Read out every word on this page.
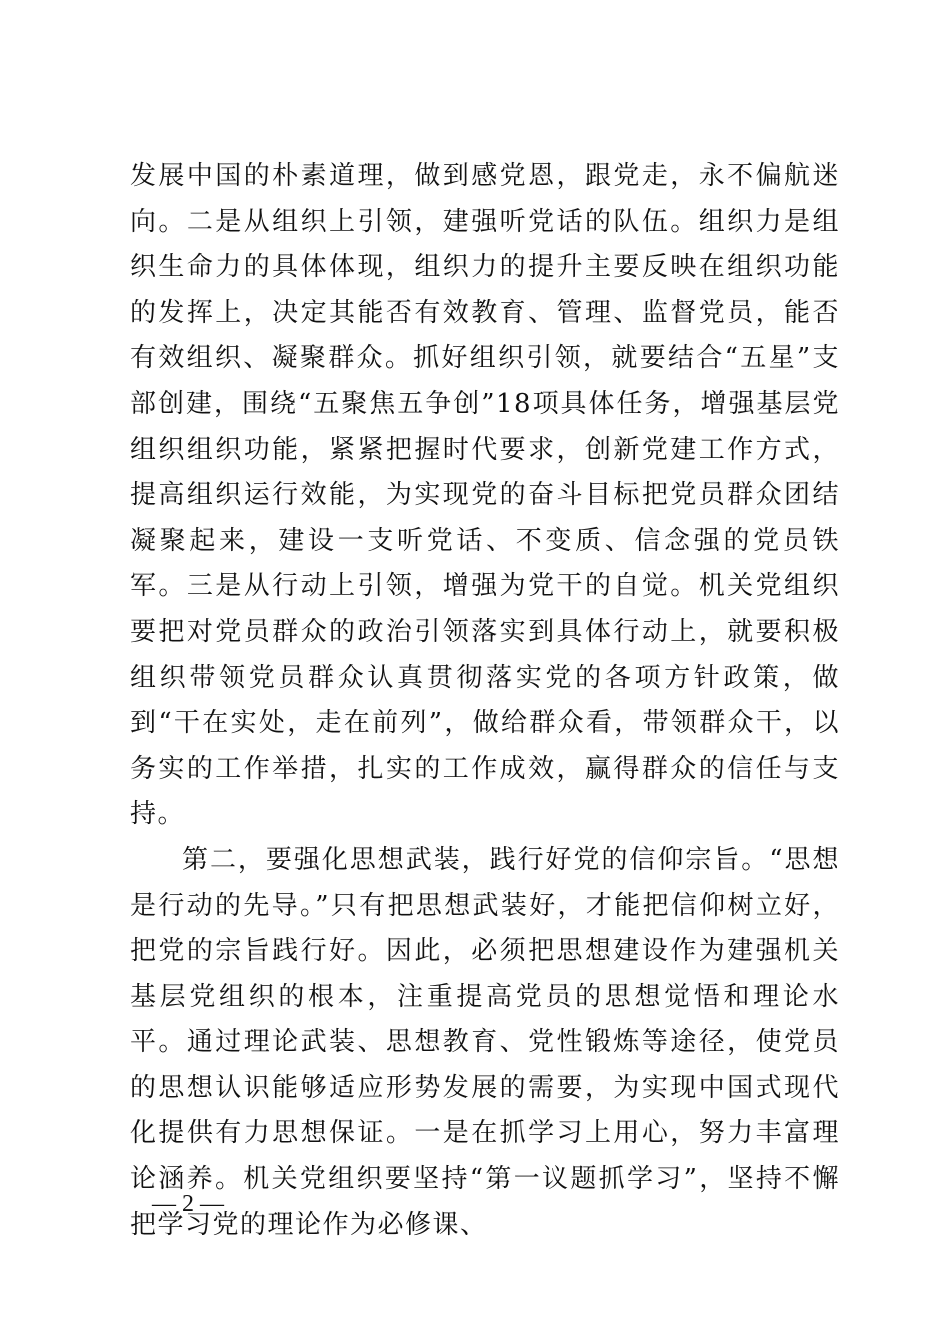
发展中国的朴素道理，做到感党恩，跟党走，永不偏航迷向。二是从组织上引领，建强听党话的队伍。组织力是组织生命力的具体体现，组织力的提升主要反映在组织功能的发挥上，决定其能否有效教育、管理、监督党员，能否有效组织、凝聚群众。抓好组织引领，就要结合“五星”支部创建，围绕“五聚焦五争创”18项具体任务，增强基层党组织组织功能，紧紧把握时代要求，创新党建工作方式，提高组织运行效能，为实现党的奋斗目标把党员群众团结凝聚起来，建设一支听党话、不变质、信念强的党员铁军。三是从行动上引领，增强为党干的自觉。机关党组织要把对党员群众的政治引领落实到具体行动上，就要积极组织带领党员群众认真贯彻落实党的各项方针政策，做到“干在实处，走在前列”，做给群众看，带领群众干，以务实的工作举措，扎实的工作成效，赢得群众的信任与支持。

第二，要强化思想武装，践行好党的信仰宗旨。“思想是行动的先导。”只有把思想武装好，才能把信仰树立好，把党的宗旨践行好。因此，必须把思想建设作为建强机关基层党组织的根本，注重提高党员的思想觉悟和理论水平。通过理论武装、思想教育、党性锻炼等途径，使党员的思想认识能够适应形势发展的需要，为实现中国式现代化提供有力思想保证。一是在抓学习上用心，努力丰富理论涵养。机关党组织要坚持“第一议题抓学习”，坚持不懈把学习党的理论作为必修课、

— 2 —
